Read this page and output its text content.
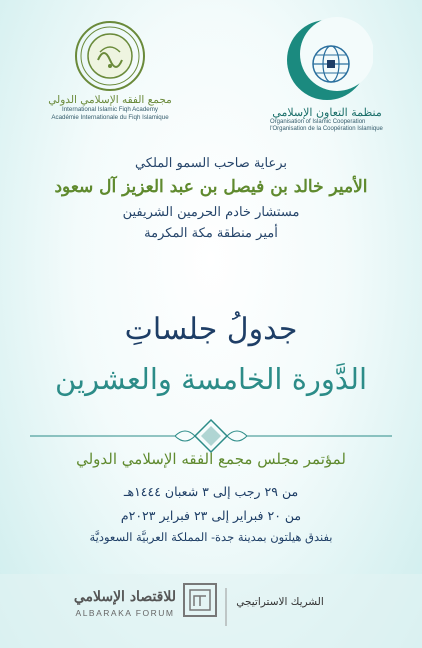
مجمع الفقه الإسلامي الدولي
International Islamic Fiqh Academy
Académie Internationale du Fiqh Islamique	منظمة التعاون الإسلامي
Organisation of Islamic Cooperation
l'Organisation de la Coopération Islamique
برعاية صاحب السمو الملكي
الأمير خالد بن فيصل بن عبد العزيز آل سعود
مستشار خادم الحرمين الشريفين
أمير منطقة مكة المكرمة
جدولُ جلساتِ
الدَّورة الخامسة والعشرين
لمؤتمر مجلس مجمع الفقه الإسلامي الدولي
من ٢٩ رجب إلى ٣ شعبان ١٤٤٤هـ
من ٢٠ فبراير إلى ٢٣ فبراير ٢٠٢٣م
بفندق هيلتون بمدينة جدة- المملكة العربيَّة السعوديَّة
الشريك الاستراتيجي
للاقتصاد الإسلامي
ALBARAKA FORUM
